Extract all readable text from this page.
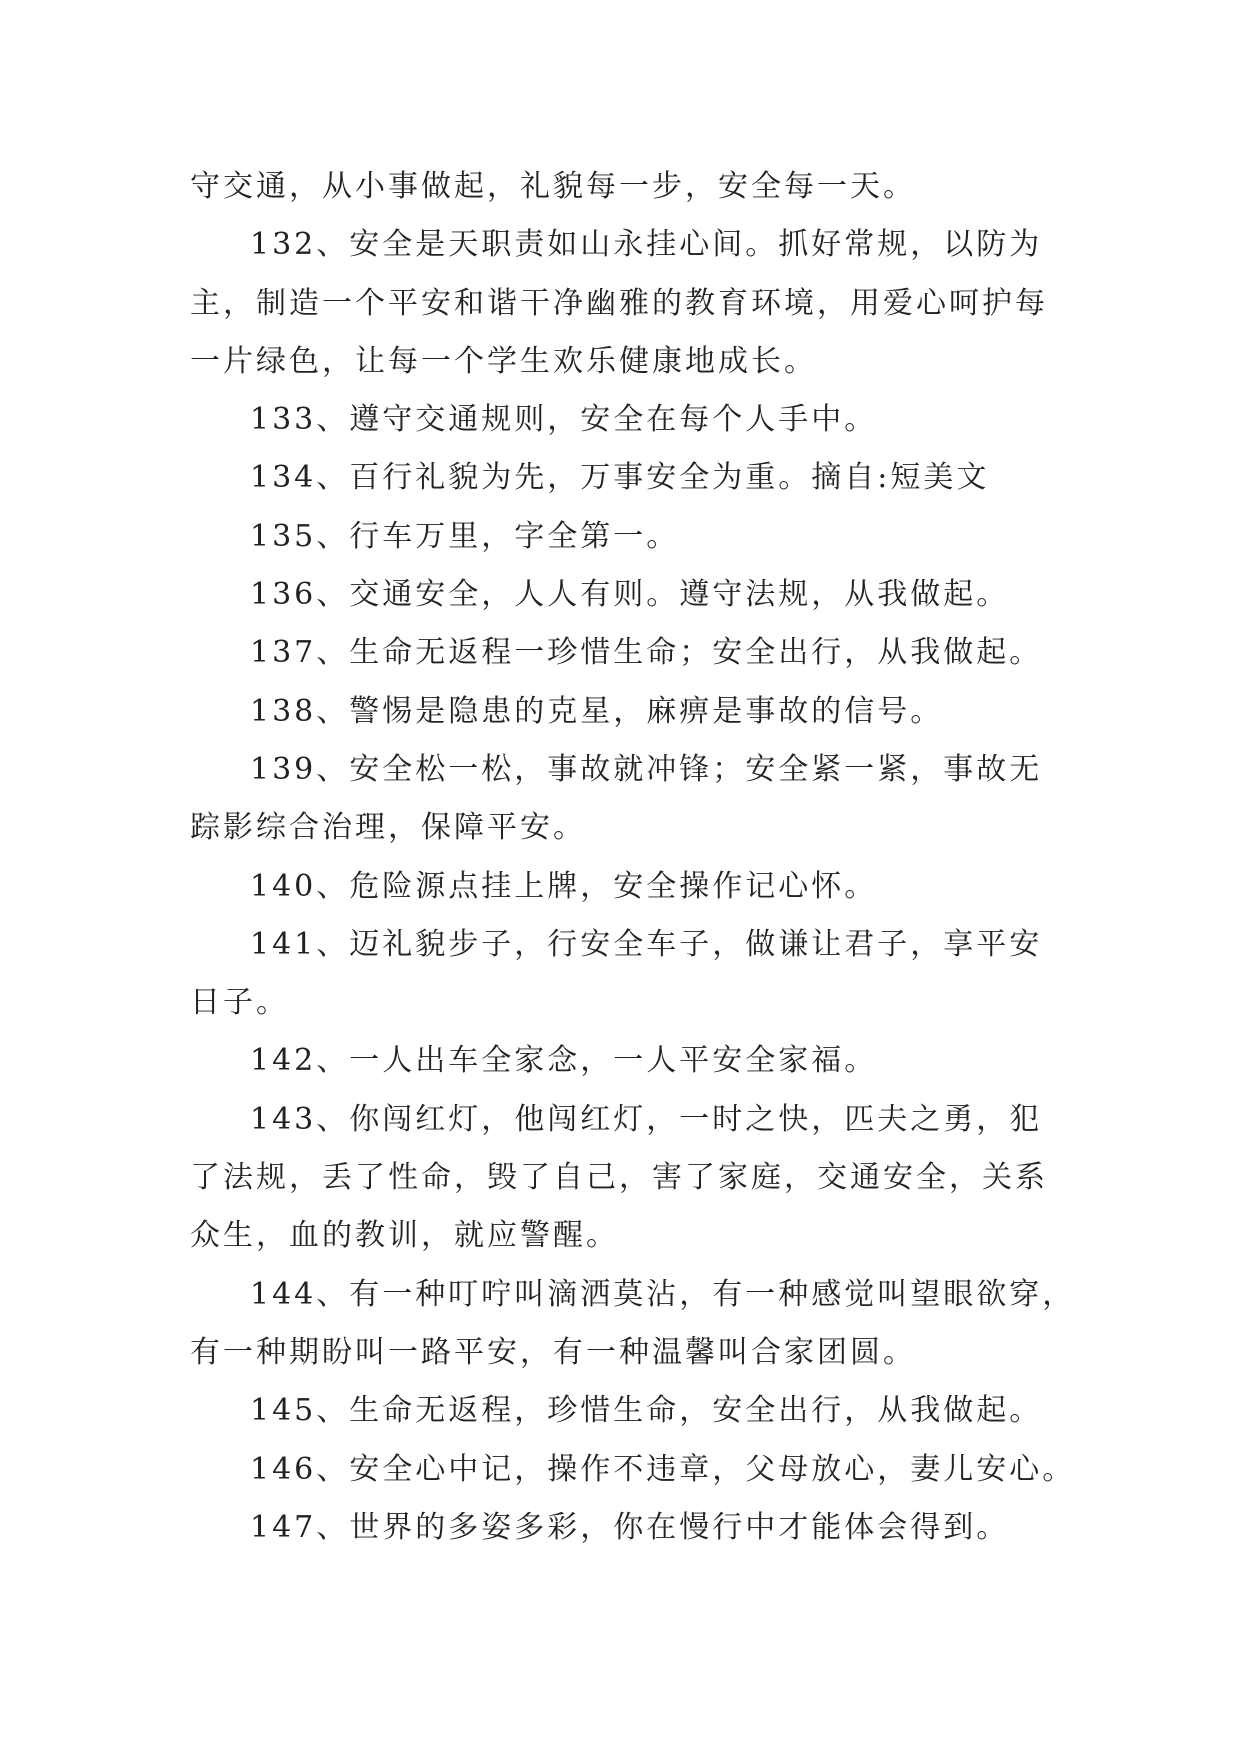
守交通，从小事做起，礼貌每一步，安全每一天。
132、安全是天职责如山永挂心间。抓好常规，以防为
主，制造一个平安和谐干净幽雅的教育环境，用爱心呵护每
一片绿色，让每一个学生欢乐健康地成长。
133、遵守交通规则，安全在每个人手中。
134、百行礼貌为先，万事安全为重。摘自:短美文
135、行车万里，字全第一。
136、交通安全，人人有则。遵守法规，从我做起。
137、生命无返程一珍惜生命；安全出行，从我做起。
138、警惕是隐患的克星，麻痹是事故的信号。
139、安全松一松，事故就冲锋；安全紧一紧，事故无
踪影综合治理，保障平安。
140、危险源点挂上牌，安全操作记心怀。
141、迈礼貌步子，行安全车子，做谦让君子，享平安
日子。
142、一人出车全家念，一人平安全家福。
143、你闯红灯，他闯红灯，一时之快，匹夫之勇，犯
了法规，丢了性命，毁了自己，害了家庭，交通安全，关系
众生，血的教训，就应警醒。
144、有一种叮咛叫滴洒莫沾，有一种感觉叫望眼欲穿，
有一种期盼叫一路平安，有一种温馨叫合家团圆。
145、生命无返程，珍惜生命，安全出行，从我做起。
146、安全心中记，操作不违章，父母放心，妻儿安心。
147、世界的多姿多彩，你在慢行中才能体会得到。
